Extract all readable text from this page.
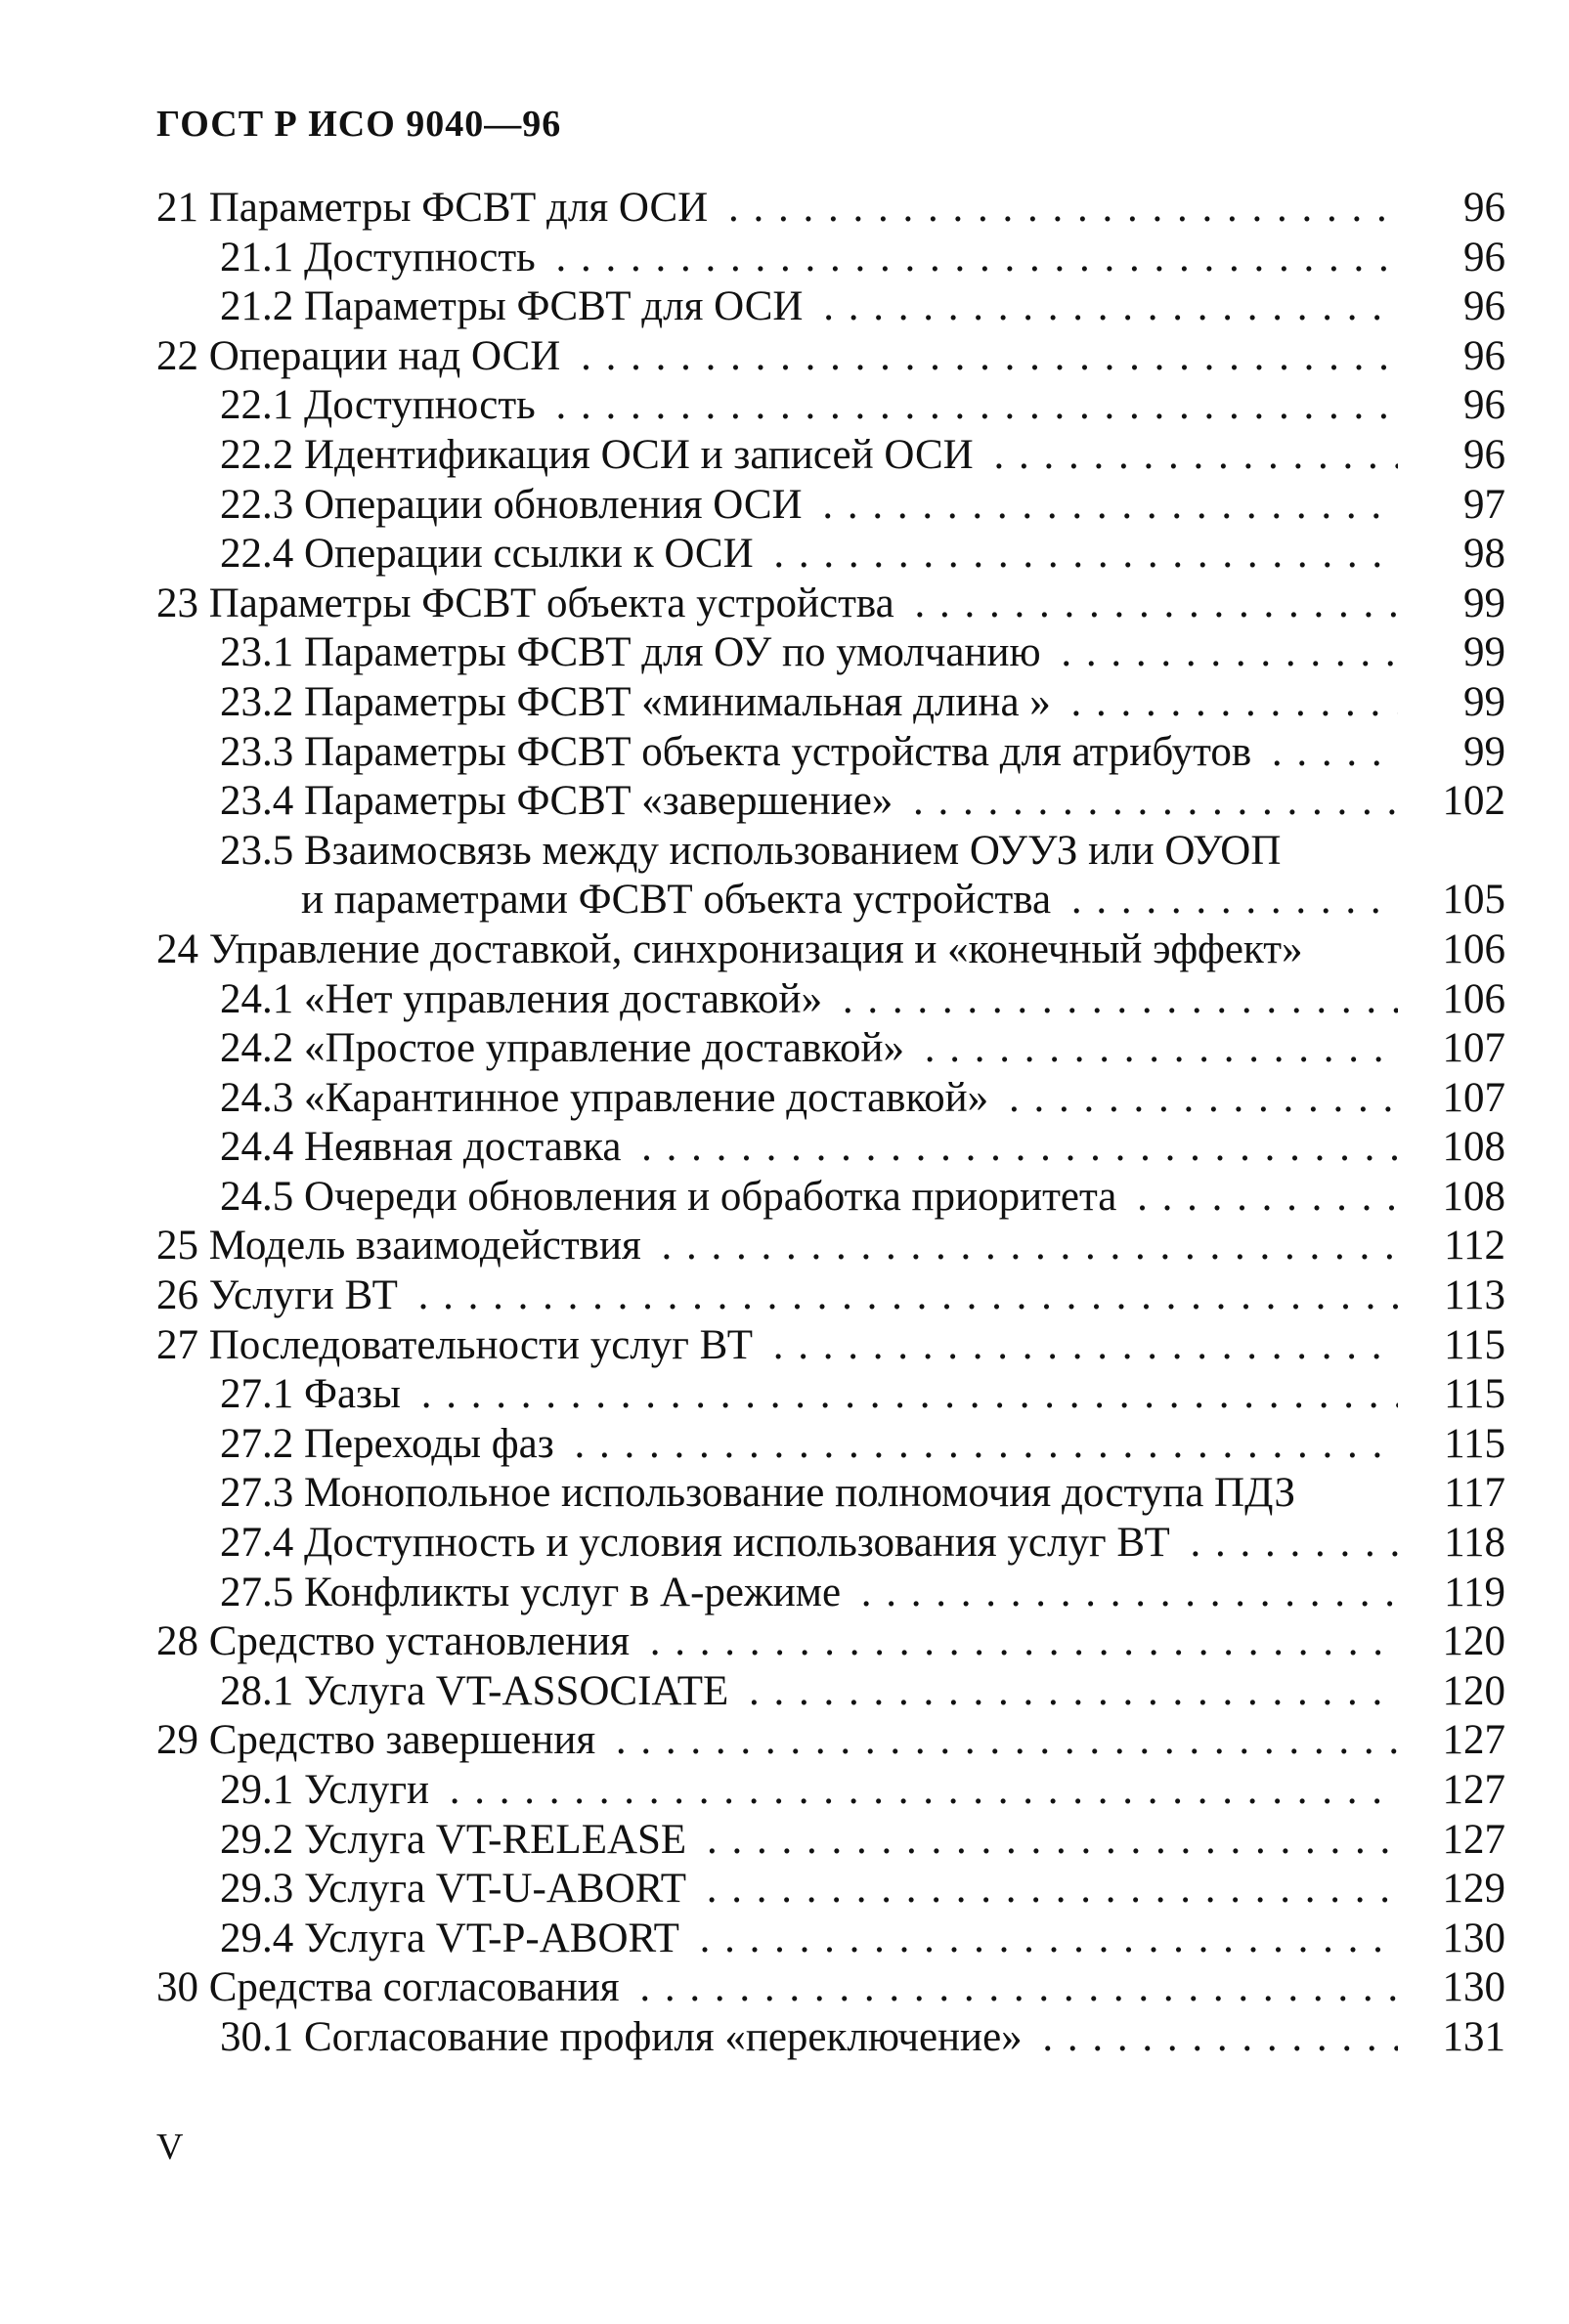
ГОСТ Р ИСО 9040—96
21 Параметры ФСВТ для ОСИ . .	96
21.1 Доступность . .	96
21.2 Параметры ФСВТ для ОСИ . .	96
22 Операции над ОСИ . .	96
22.1 Доступность . .	96
22.2 Идентификация ОСИ и записей ОСИ . .	96
22.3 Операции обновления ОСИ . .	97
22.4 Операции ссылки к ОСИ . .	98
23 Параметры ФСВТ объекта устройства . .	99
23.1 Параметры ФСВТ для ОУ по умолчанию . .	99
23.2 Параметры ФСВТ «минимальная длина » . .	99
23.3 Параметры ФСВТ объекта устройства для атрибутов . .	99
23.4 Параметры ФСВТ «завершение» . .	102
23.5 Взаимосвязь между использованием ОУУЗ или ОУОП
и параметрами ФСВТ объекта устройства . .	105
24 Управление доставкой, синхронизация и «конечный эффект»	106
24.1 «Нет управления доставкой» . .	106
24.2 «Простое управление доставкой» . .	107
24.3 «Карантинное управление доставкой» . .	107
24.4 Неявная доставка . .	108
24.5 Очереди обновления и обработка приоритета . .	108
25 Модель взаимодействия . .	112
26 Услуги ВТ . .	113
27 Последовательности услуг ВТ . .	115
27.1 Фазы . .	115
27.2 Переходы фаз . .	115
27.3 Монопольное использование полномочия доступа ПДЗ	117
27.4 Доступность и условия использования услуг ВТ . .	118
27.5 Конфликты услуг в А-режиме . .	119
28 Средство установления . .	120
28.1 Услуга VT-ASSOCIATE . .	120
29 Средство завершения . .	127
29.1 Услуги . .	127
29.2 Услуга VT-RELEASE . .	127
29.3 Услуга VT-U-ABORT . .	129
29.4 Услуга VT-P-ABORT . .	130
30 Средства согласования . .	130
30.1 Согласование профиля «переключение» . .	131
V
